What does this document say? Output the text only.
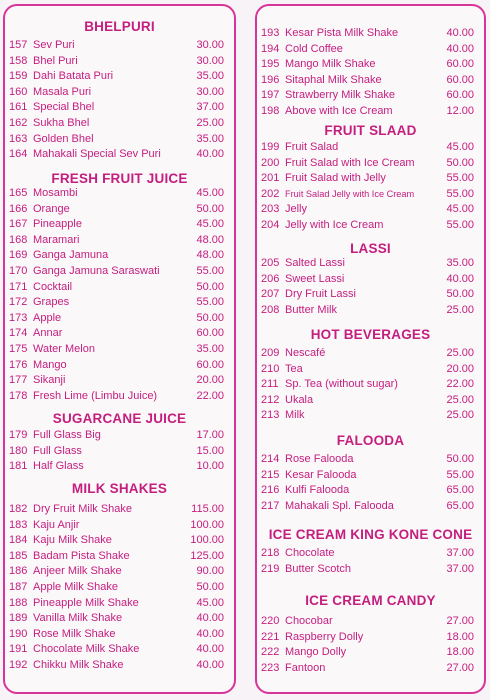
BHELPURI
157 Sev Puri	30.00
158 Bhel Puri	30.00
159 Dahi Batata Puri	35.00
160 Masala Puri	30.00
161 Special Bhel	37.00
162 Sukha Bhel	25.00
163 Golden Bhel	35.00
164 Mahakali Special Sev Puri	40.00
FRESH FRUIT JUICE
165 Mosambi	45.00
166 Orange	50.00
167 Pineapple	45.00
168 Maramari	48.00
169 Ganga Jamuna	48.00
170 Ganga Jamuna Saraswati	55.00
171 Cocktail	50.00
172 Grapes	55.00
173 Apple	50.00
174 Annar	60.00
175 Water Melon	35.00
176 Mango	60.00
177 Sikanji	20.00
178 Fresh Lime (Limbu Juice)	22.00
SUGARCANE JUICE
179 Full Glass Big	17.00
180 Full Glass	15.00
181 Half Glass	10.00
MILK SHAKES
182 Dry Fruit Milk Shake	115.00
183 Kaju Anjir	100.00
184 Kaju Milk Shake	100.00
185 Badam Pista Shake	125.00
186 Anjeer Milk Shake	90.00
187 Apple Milk Shake	50.00
188 Pineapple Milk Shake	45.00
189 Vanilla Milk Shake	40.00
190 Rose Milk Shake	40.00
191 Chocolate Milk Shake	40.00
192 Chikku Milk Shake	40.00
193 Kesar Pista Milk Shake	40.00
194 Cold Coffee	40.00
195 Mango Milk Shake	60.00
196 Sitaphal Milk Shake	60.00
197 Strawberry Milk Shake	60.00
198 Above with Ice Cream	12.00
FRUIT SLAAD
199 Fruit Salad	45.00
200 Fruit Salad with Ice Cream	50.00
201 Fruit Salad with Jelly	55.00
202 Fruit Salad Jelly with Ice Cream	55.00
203 Jelly	45.00
204 Jelly with Ice Cream	55.00
LASSI
205 Salted Lassi	35.00
206 Sweet Lassi	40.00
207 Dry Fruit Lassi	50.00
208 Butter Milk	25.00
HOT BEVERAGES
209 Nescafé	25.00
210 Tea	20.00
211 Sp. Tea (without sugar)	22.00
212 Ukala	25.00
213 Milk	25.00
FALOODA
214 Rose Falooda	50.00
215 Kesar Falooda	55.00
216 Kulfi Falooda	65.00
217 Mahakali Spl. Falooda	65.00
ICE CREAM KING KONE CONE
218 Chocolate	37.00
219 Butter Scotch	37.00
ICE CREAM CANDY
220 Chocobar	27.00
221 Raspberry Dolly	18.00
222 Mango Dolly	18.00
223 Fantoon	27.00
